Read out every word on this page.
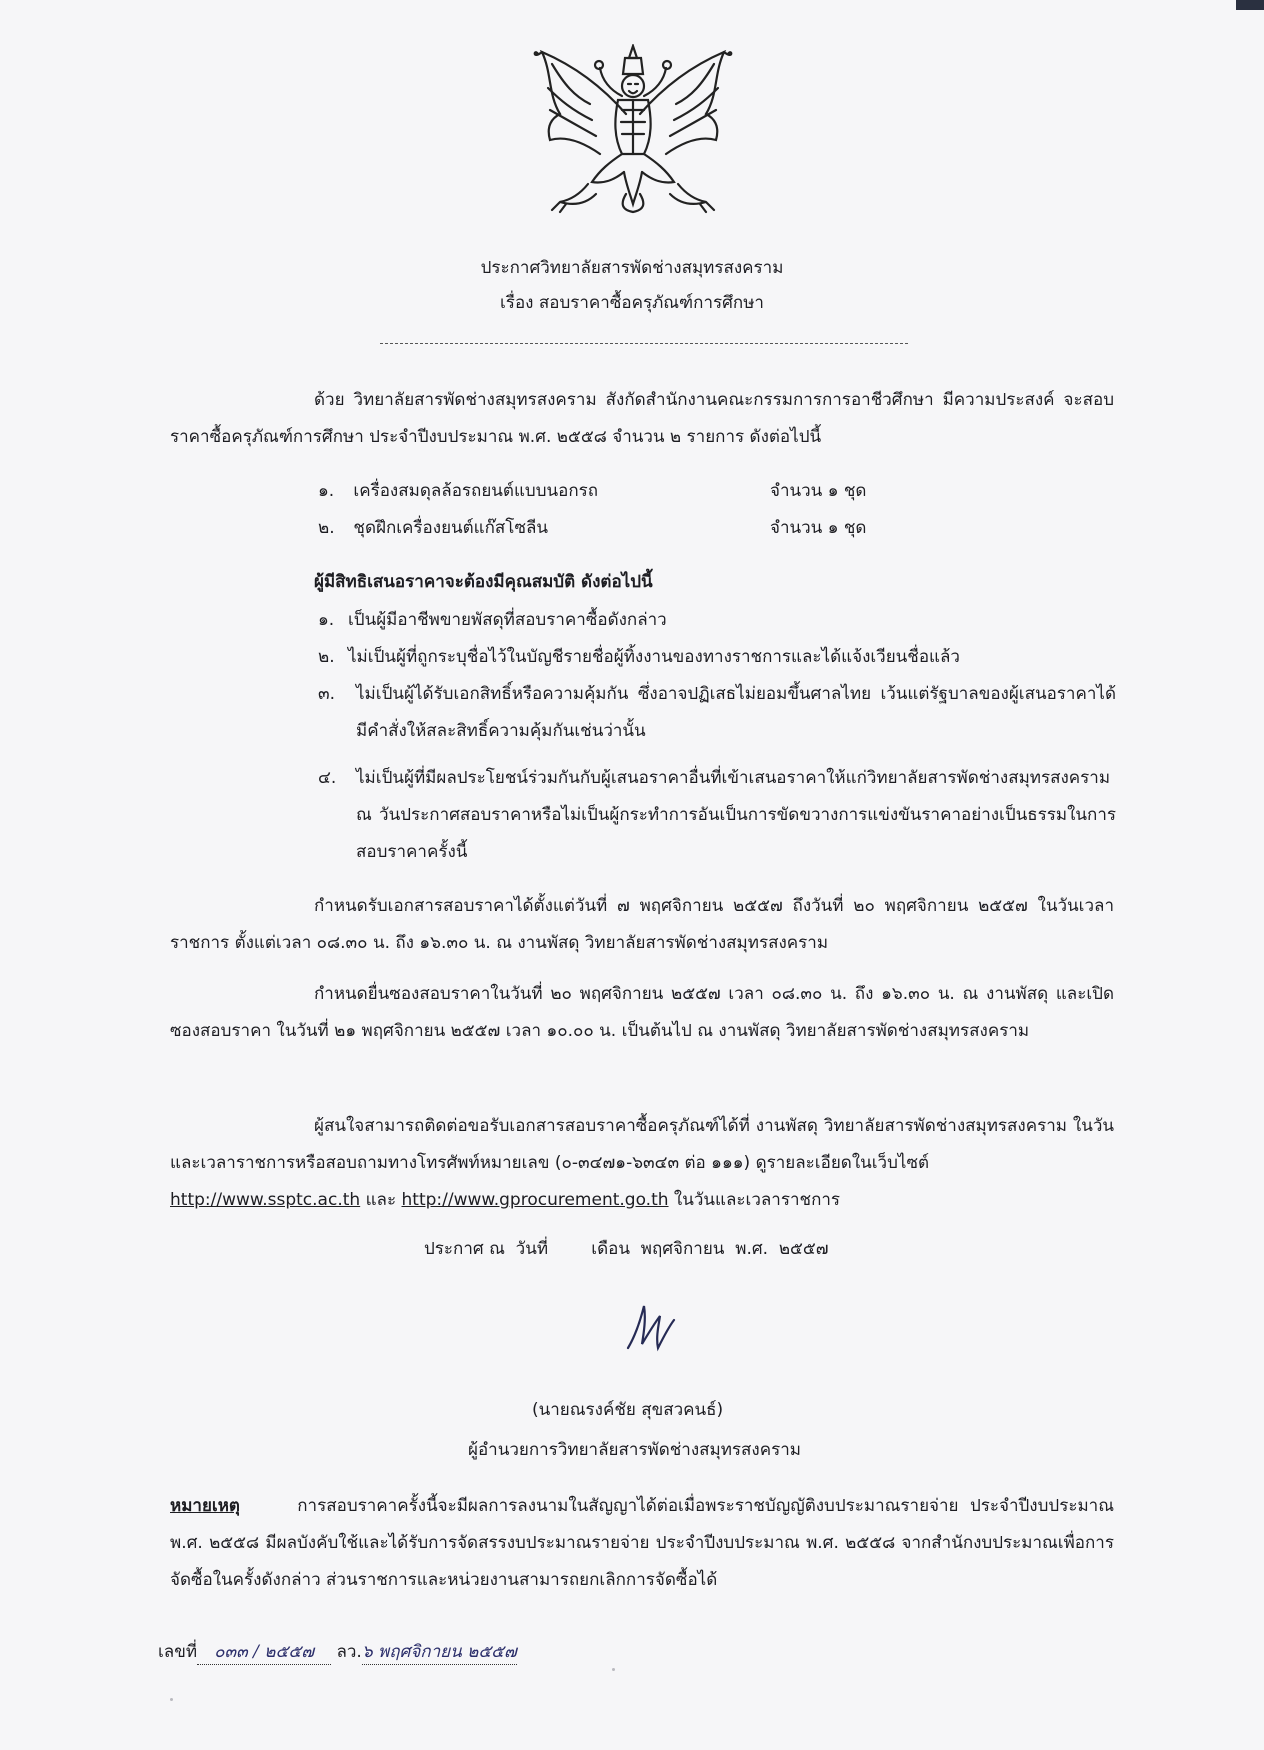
ประกาศวิทยาลัยสารพัดช่างสมุทรสงคราม
เรื่อง สอบราคาซื้อครุภัณฑ์การศึกษา
ด้วย วิทยาลัยสารพัดช่างสมุทรสงคราม สังกัดสำนักงานคณะกรรมการการอาชีวศึกษา มีความประสงค์ จะสอบราคาซื้อครุภัณฑ์การศึกษา ประจำปีงบประมาณ พ.ศ. ๒๕๕๘ จำนวน ๒ รายการ ดังต่อไปนี้
๑. เครื่องสมดุลล้อรถยนต์แบบนอกรถ	จำนวน ๑ ชุด
๒. ชุดฝึกเครื่องยนต์แก๊สโซลีน	จำนวน ๑ ชุด
ผู้มีสิทธิเสนอราคาจะต้องมีคุณสมบัติ ดังต่อไปนี้
๑. เป็นผู้มีอาชีพขายพัสดุที่สอบราคาซื้อดังกล่าว
๒. ไม่เป็นผู้ที่ถูกระบุชื่อไว้ในบัญชีรายชื่อผู้ทิ้งงานของทางราชการและได้แจ้งเวียนชื่อแล้ว
๓.	ไม่เป็นผู้ได้รับเอกสิทธิ์หรือความคุ้มกัน ซึ่งอาจปฏิเสธไม่ยอมขึ้นศาลไทย เว้นแต่รัฐบาลของผู้เสนอราคาได้มีคำสั่งให้สละสิทธิ์ความคุ้มกันเช่นว่านั้น
๔.	ไม่เป็นผู้ที่มีผลประโยชน์ร่วมกันกับผู้เสนอราคาอื่นที่เข้าเสนอราคาให้แก่วิทยาลัยสารพัดช่างสมุทรสงคราม ณ วันประกาศสอบราคาหรือไม่เป็นผู้กระทำการอันเป็นการขัดขวางการแข่งขันราคาอย่างเป็นธรรมในการสอบราคาครั้งนี้
กำหนดรับเอกสารสอบราคาได้ตั้งแต่วันที่ ๗ พฤศจิกายน ๒๕๕๗ ถึงวันที่ ๒๐ พฤศจิกายน ๒๕๕๗ ในวันเวลาราชการ ตั้งแต่เวลา ๐๘.๓๐ น. ถึง ๑๖.๓๐ น. ณ งานพัสดุ วิทยาลัยสารพัดช่างสมุทรสงคราม
กำหนดยื่นซองสอบราคาในวันที่ ๒๐ พฤศจิกายน ๒๕๕๗ เวลา ๐๘.๓๐ น. ถึง ๑๖.๓๐ น. ณ งานพัสดุ และเปิดซองสอบราคา ในวันที่ ๒๑ พฤศจิกายน ๒๕๕๗ เวลา ๑๐.๐๐ น. เป็นต้นไป ณ งานพัสดุ วิทยาลัยสารพัดช่างสมุทรสงคราม
ผู้สนใจสามารถติดต่อขอรับเอกสารสอบราคาซื้อครุภัณฑ์ได้ที่ งานพัสดุ วิทยาลัยสารพัดช่างสมุทรสงคราม ในวันและเวลาราชการหรือสอบถามทางโทรศัพท์หมายเลข (๐-๓๔๗๑-๖๓๔๓ ต่อ ๑๑๑) ดูรายละเอียดในเว็บไซต์
http://www.ssptc.ac.th และ http://www.gprocurement.go.th ในวันและเวลาราชการ
ประกาศ ณ  วันที่        เดือน  พฤศจิกายน  พ.ศ.  ๒๕๕๗
(นายณรงค์ชัย สุขสวคนธ์)
ผู้อำนวยการวิทยาลัยสารพัดช่างสมุทรสงคราม
หมายเหตุ	การสอบราคาครั้งนี้จะมีผลการลงนามในสัญญาได้ต่อเมื่อพระราชบัญญัติงบประมาณรายจ่าย ประจำปีงบประมาณ พ.ศ. ๒๕๕๘ มีผลบังคับใช้และได้รับการจัดสรรงบประมาณรายจ่าย ประจำปีงบประมาณ พ.ศ. ๒๕๕๘ จากสำนักงบประมาณเพื่อการจัดซื้อในครั้งดังกล่าว ส่วนราชการและหน่วยงานสามารถยกเลิกการจัดซื้อได้
เลขที่ ๐๓๓ / ๒๕๕๗ ลว.๖ พฤศจิกายน ๒๕๕๗
